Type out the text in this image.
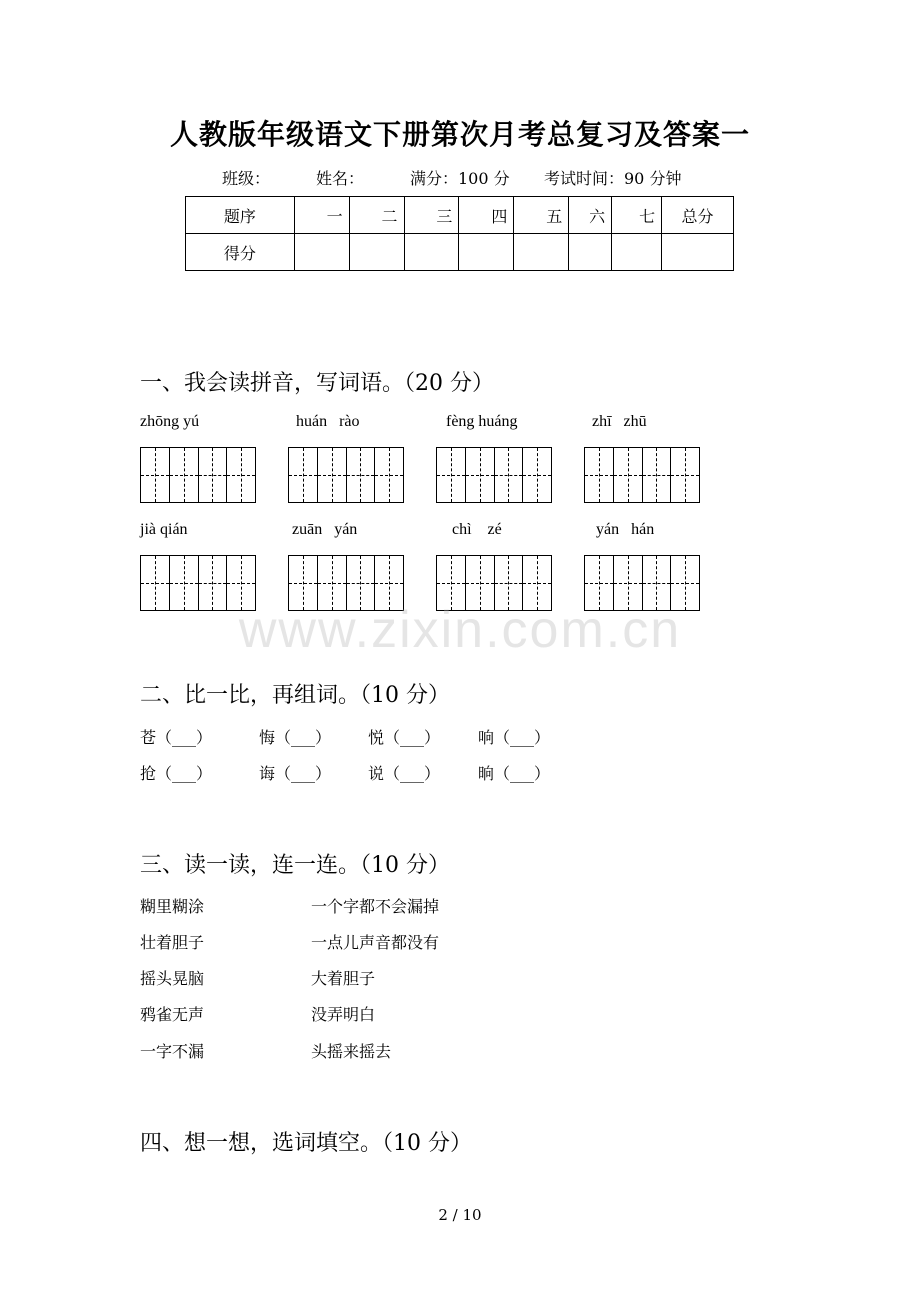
人教版年级语文下册第次月考总复习及答案一
班级：	姓名：	满分：100 分 考试时间：90 分钟
题序	一	二	三	四	五	六	七	总分
得分								
一、我会读拼音，写词语。（20 分）
zhōng yú	huán   rào	fèng huáng	zhī   zhū
jià qián	zuān   yán	chì    zé	yán   hán
www.zixin.com.cn
二、比一比，再组词。（10 分）
苍（___）	悔（___） 悦（___） 响（___）
抢（___）	诲（___） 说（___） 晌（___）
三、读一读，连一连。（10 分）
糊里糊涂
壮着胆子
摇头晃脑
鸦雀无声
一字不漏
一个字都不会漏掉
一点儿声音都没有
大着胆子
没弄明白
头摇来摇去
四、想一想，选词填空。（10 分）
2 / 10
